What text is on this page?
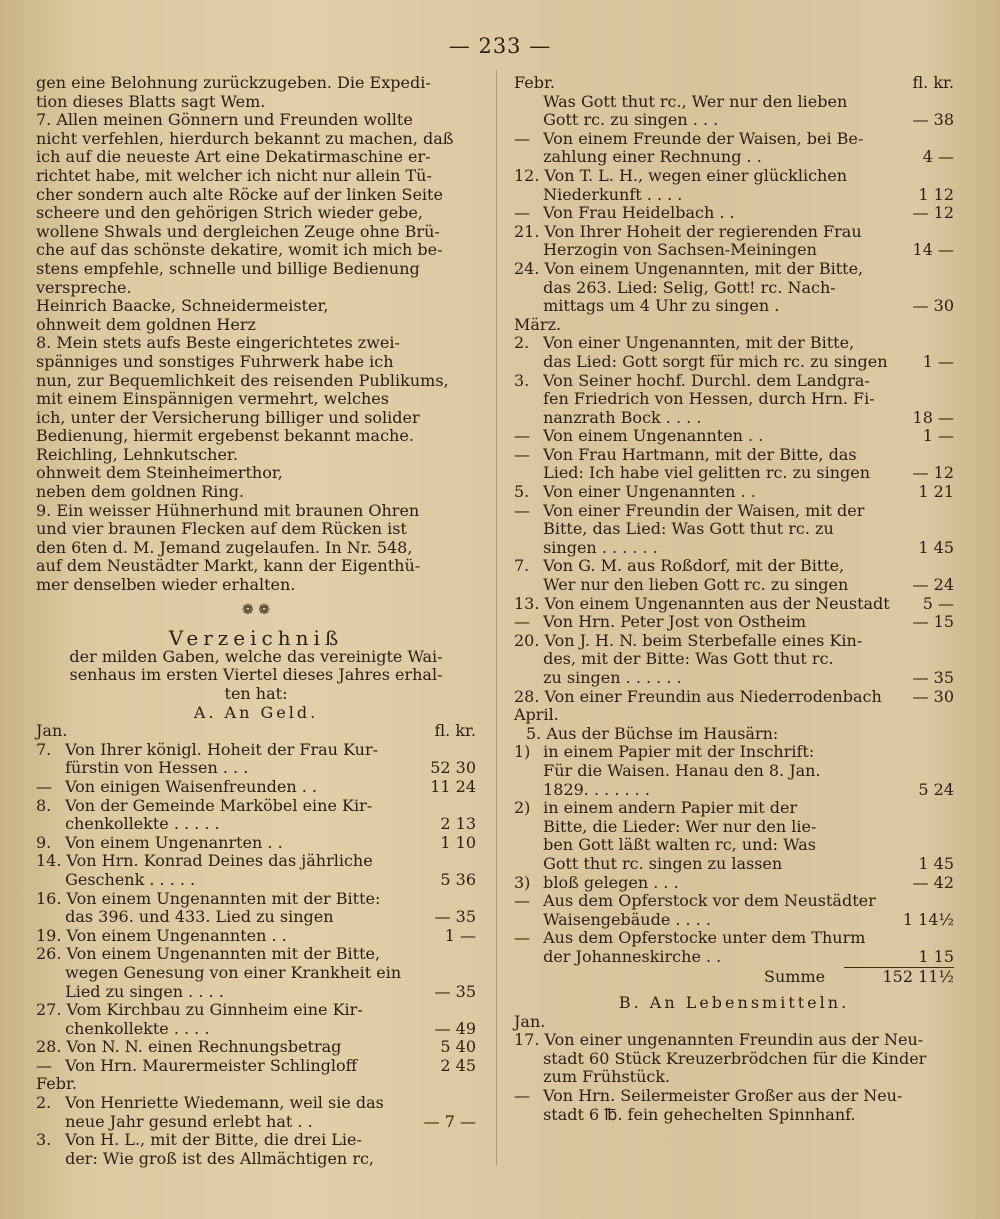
— 233 —
gen eine Belohnung zurückzugeben. Die Expedi-
tion dieses Blatts sagt Wem.
7. Allen meinen Gönnern und Freunden wollte
nicht verfehlen, hierdurch bekannt zu machen, daß
ich auf die neueste Art eine Dekatirmaschine er-
richtet habe, mit welcher ich nicht nur allein Tü-
cher sondern auch alte Röcke auf der linken Seite
scheere und den gehörigen Strich wieder gebe,
wollene Shwals und dergleichen Zeuge ohne Brü-
che auf das schönste dekatire, womit ich mich be-
stens empfehle, schnelle und billige Bedienung
verspreche.
Heinrich Baacke, Schneidermeister,
ohnweit dem goldnen Herz
8. Mein stets aufs Beste eingerichtetes zwei-
spänniges und sonstiges Fuhrwerk habe ich
nun, zur Bequemlichkeit des reisenden Publikums,
mit einem Einspännigen vermehrt, welches
ich, unter der Versicherung billiger und solider
Bedienung, hiermit ergebenst bekannt mache.
Reichling, Lehnkutscher.
ohnweit dem Steinheimerthor,
neben dem goldnen Ring.
9. Ein weisser Hühnerhund mit braunen Ohren
und vier braunen Flecken auf dem Rücken ist
den 6ten d. M. Jemand zugelaufen. In Nr. 548,
auf dem Neustädter Markt, kann der Eigenthü-
mer denselben wieder erhalten.
❁ ❁
Verzeichniß
der milden Gaben, welche das vereinigte Wai-
senhaus im ersten Viertel dieses Jahres erhal-
ten hat:
A. An Geld.
Jan.	fl. kr.
7. Von Ihrer königl. Hoheit der Frau Kur-
fürstin von Hessen . . .	52 30
— Von einigen Waisenfreunden . .	11 24
8. Von der Gemeinde Marköbel eine Kir-
chenkollekte . . . . .	2 13
9. Von einem Ungenanrten . .	1 10
14. Von Hrn. Konrad Deines das jährliche
Geschenk . . . . .	5 36
16. Von einem Ungenannten mit der Bitte:
das 396. und 433. Lied zu singen	— 35
19. Von einem Ungenannten . .	1 —
26. Von einem Ungenannten mit der Bitte,
wegen Genesung von einer Krankheit ein
Lied zu singen . . . .	— 35
27. Vom Kirchbau zu Ginnheim eine Kir-
chenkollekte . . . .	— 49
28. Von N. N. einen Rechnungsbetrag	5 40
— Von Hrn. Maurermeister Schlingloff	2 45
Febr.
2. Von Henriette Wiedemann, weil sie das
neue Jahr gesund erlebt hat . .	— 7 —
3. Von H. L., mit der Bitte, die drei Lie-
der: Wie groß ist des Allmächtigen rc,
Febr.	fl. kr.
Was Gott thut rc., Wer nur den lieben
Gott rc. zu singen . . .	— 38
— Von einem Freunde der Waisen, bei Be-
zahlung einer Rechnung . .	4 —
12. Von T. L. H., wegen einer glücklichen
Niederkunft . . . .	1 12
— Von Frau Heidelbach . .	— 12
21. Von Ihrer Hoheit der regierenden Frau
Herzogin von Sachsen-Meiningen	14 —
24. Von einem Ungenannten, mit der Bitte,
das 263. Lied: Selig, Gott! rc. Nach-
mittags um 4 Uhr zu singen .	— 30
März.
2. Von einer Ungenannten, mit der Bitte,
das Lied: Gott sorgt für mich rc. zu singen 1 —
3. Von Seiner hochf. Durchl. dem Landgra-
fen Friedrich von Hessen, durch Hrn. Fi-
nanzrath Bock . . . .	18 —
— Von einem Ungenannten . .	1 —
— Von Frau Hartmann, mit der Bitte, das
Lied: Ich habe viel gelitten rc. zu singen	— 12
5. Von einer Ungenannten . .	1 21
— Von einer Freundin der Waisen, mit der
Bitte, das Lied: Was Gott thut rc. zu
singen . . . . . .	1 45
7. Von G. M. aus Roßdorf, mit der Bitte,
Wer nur den lieben Gott rc. zu singen	— 24
13. Von einem Ungenannten aus der Neustadt 5 —
— Von Hrn. Peter Jost von Ostheim	— 15
20. Von J. H. N. beim Sterbefalle eines Kin-
des, mit der Bitte: Was Gott thut rc.
zu singen . . . . . .	— 35
28. Von einer Freundin aus Niederrodenbach — 30
April.
5. Aus der Büchse im Hausärn:
1) in einem Papier mit der Inschrift:
Für die Waisen. Hanau den 8. Jan.
1829. . . . . . .	5 24
2) in einem andern Papier mit der
Bitte, die Lieder: Wer nur den lie-
ben Gott läßt walten rc, und: Was
Gott thut rc. singen zu lassen	1 45
3) bloß gelegen . . .	— 42
— Aus dem Opferstock vor dem Neustädter
Waisengebäude . . . .	1 14½
— Aus dem Opferstocke unter dem Thurm
der Johanneskirche . .	1 15
Summe	152 11½
B. An Lebensmitteln.
Jan.
17. Von einer ungenannten Freundin aus der Neu-
stadt 60 Stück Kreuzerbrödchen für die Kinder
zum Frühstück.
— Von Hrn. Seilermeister Großer aus der Neu-
stadt 6 ℔. fein gehechelten Spinnhanf.
